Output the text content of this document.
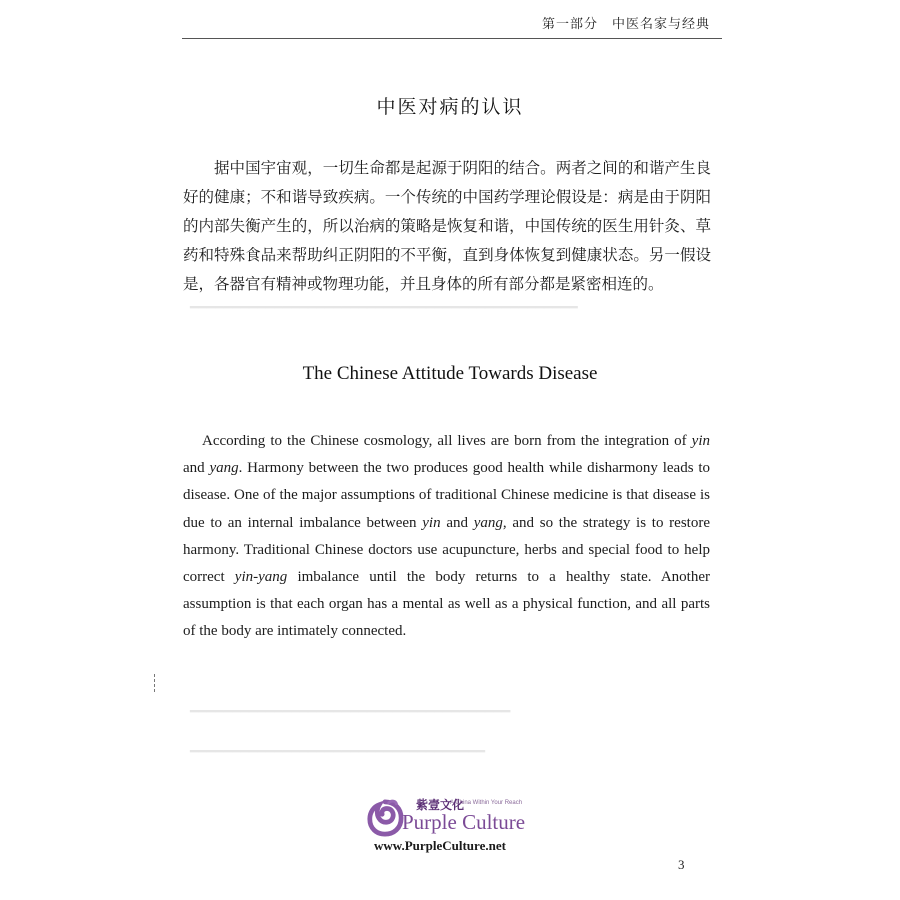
━━━━━━━━━━━━━━━━━━━━━━━━━━━━━━━━━━━━━━━━━━━━━━
━━━━━━━━━━━━━━━━━━━━━━━━━━━━━━━━━━━━━━
━━━━━━━━━━━━━━━━━━━━━━━━━━━━━━━━━━━
第一部分　中医名家与经典
中医对病的认识

据中国宇宙观，一切生命都是起源于阴阳的结合。两者之间的和谐产生良好的健康；不和谐导致疾病。一个传统的中国药学理论假设是：病是由于阴阳的内部失衡产生的，所以治病的策略是恢复和谐，中国传统的医生用针灸、草药和特殊食品来帮助纠正阴阳的不平衡，直到身体恢复到健康状态。另一假设是，各器官有精神或物理功能，并且身体的所有部分都是紧密相连的。

The Chinese Attitude Towards Disease

According to the Chinese cosmology, all lives are born from the integration of yin and yang. Harmony between the two produces good health while disharmony leads to disease. One of the major assumptions of traditional Chinese medicine is that disease is due to an internal imbalance between yin and yang, and so the strategy is to restore harmony. Traditional Chinese doctors use acupuncture, herbs and special food to help correct yin-yang imbalance until the body returns to a healthy state. Another assumption is that each organ has a mental as well as a physical function, and all parts of the body are intimately connected.

紫壹文化
A China Within Your Reach
Purple Culture
www.PurpleCulture.net
3
